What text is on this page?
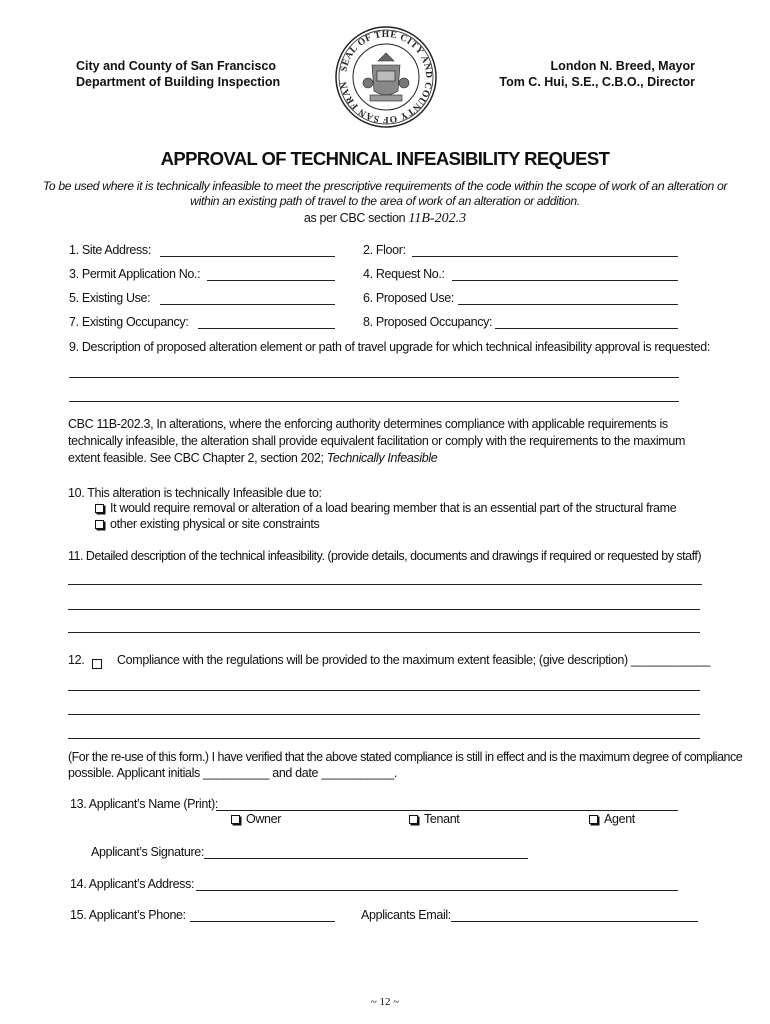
City and County of San Francisco
Department of Building Inspection
London N. Breed, Mayor
Tom C. Hui, S.E., C.B.O., Director
SEAL OF THE CITY AND COUNTY OF SAN FRAN
APPROVAL OF TECHNICAL INFEASIBILITY REQUEST
To be used where it is technically infeasible to meet the prescriptive requirements of the code within the scope of work of an alteration or
within an existing path of travel to the area of work of an alteration or addition.
as per CBC section 11B-202.3
1. Site Address:	2. Floor:
3. Permit Application No.:	4. Request No.:
5. Existing Use:	6. Proposed Use:
7. Existing Occupancy:	8. Proposed Occupancy:
9. Description of proposed alteration element or path of travel upgrade for which technical infeasibility approval is requested:
CBC 11B-202.3, In alterations, where the enforcing authority determines compliance with applicable requirements is technically infeasible, the alteration shall provide equivalent facilitation or comply with the requirements to the maximum extent feasible. See CBC Chapter 2, section 202; Technically Infeasible
10. This alteration is technically Infeasible due to:
It would require removal or alteration of a load bearing member that is an essential part of the structural frame
other existing physical or site constraints
11. Detailed description of the technical infeasibility. (provide details, documents and drawings if required or requested by staff)
12.	Compliance with the regulations will be provided to the maximum extent feasible; (give description) ____________
(For the re-use of this form.) I have verified that the above stated compliance is still in effect and is the maximum degree of compliance
possible. Applicant initials __________ and date ___________.
13. Applicant’s Name (Print):
Owner	Tenant	Agent
Applicant’s Signature:
14. Applicant’s Address:
15. Applicant’s Phone:	Applicants Email:
~ 12 ~
